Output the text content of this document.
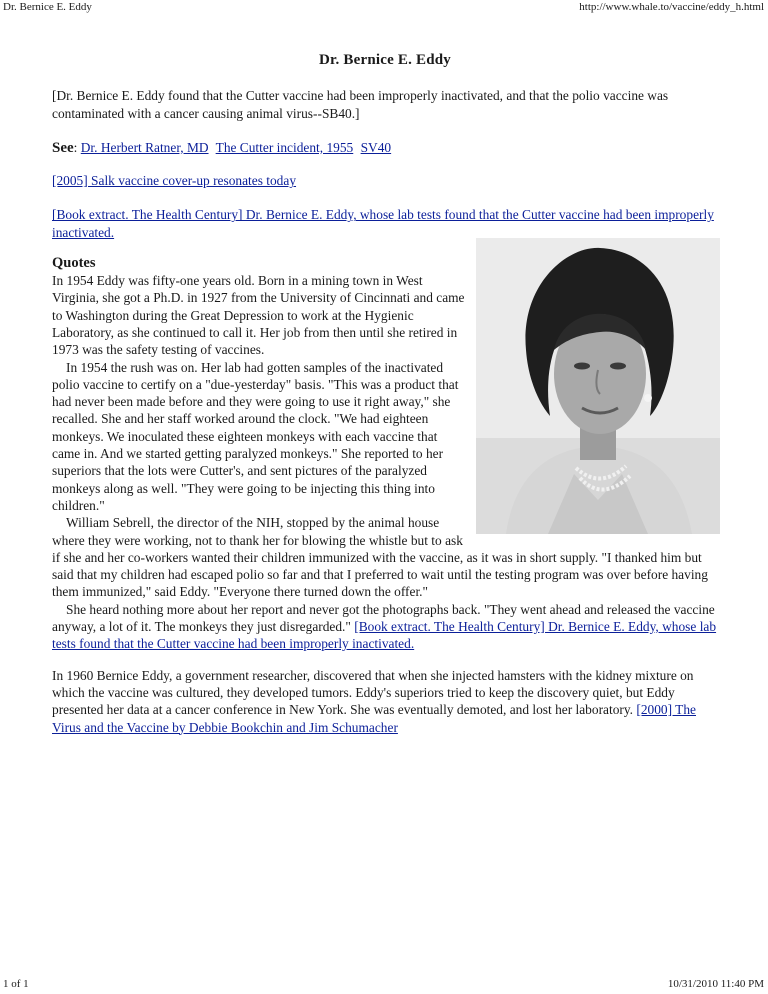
Dr. Bernice E. Eddy	http://www.whale.to/vaccine/eddy_h.html
Dr. Bernice E. Eddy

[Dr. Bernice E. Eddy found that the Cutter vaccine had been improperly inactivated, and that the polio vaccine was contaminated with a cancer causing animal virus--SB40.]

See: Dr. Herbert Ratner, MD The Cutter incident, 1955 SV40

[2005] Salk vaccine cover-up resonates today

[Book extract. The Health Century] Dr. Bernice E. Eddy, whose lab tests found that the Cutter vaccine had been improperly inactivated.

Quotes

In 1954 Eddy was fifty-one years old. Born in a mining town in West Virginia, she got a Ph.D. in 1927 from the University of Cincinnati and came to Washington during the Great Depression to work at the Hygienic Laboratory, as she continued to call it. Her job from then until she retired in 1973 was the safety testing of vaccines.

In 1954 the rush was on. Her lab had gotten samples of the inactivated polio vaccine to certify on a "due-yesterday" basis. "This was a product that had never been made before and they were going to use it right away," she recalled. She and her staff worked around the clock. "We had eighteen monkeys. We inoculated these eighteen monkeys with each vaccine that came in. And we started getting paralyzed monkeys." She reported to her superiors that the lots were Cutter's, and sent pictures of the paralyzed monkeys along as well. "They were going to be injecting this thing into children."

William Sebrell, the director of the NIH, stopped by the animal house where they were working, not to thank her for blowing the whistle but to ask if she and her co-workers wanted their children immunized with the vaccine, as it was in short supply. "I thanked him but said that my children had escaped polio so far and that I preferred to wait until the testing program was over before having them immunized," said Eddy. "Everyone there turned down the offer."

She heard nothing more about her report and never got the photographs back. "They went ahead and released the vaccine anyway, a lot of it. The monkeys they just disregarded." [Book extract. The Health Century] Dr. Bernice E. Eddy, whose lab tests found that the Cutter vaccine had been improperly inactivated.

In 1960 Bernice Eddy, a government researcher, discovered that when she injected hamsters with the kidney mixture on which the vaccine was cultured, they developed tumors. Eddy's superiors tried to keep the discovery quiet, but Eddy presented her data at a cancer conference in New York. She was eventually demoted, and lost her laboratory. [2000] The Virus and the Vaccine by Debbie Bookchin and Jim Schumacher

1 of 1	10/31/2010 11:40 PM
